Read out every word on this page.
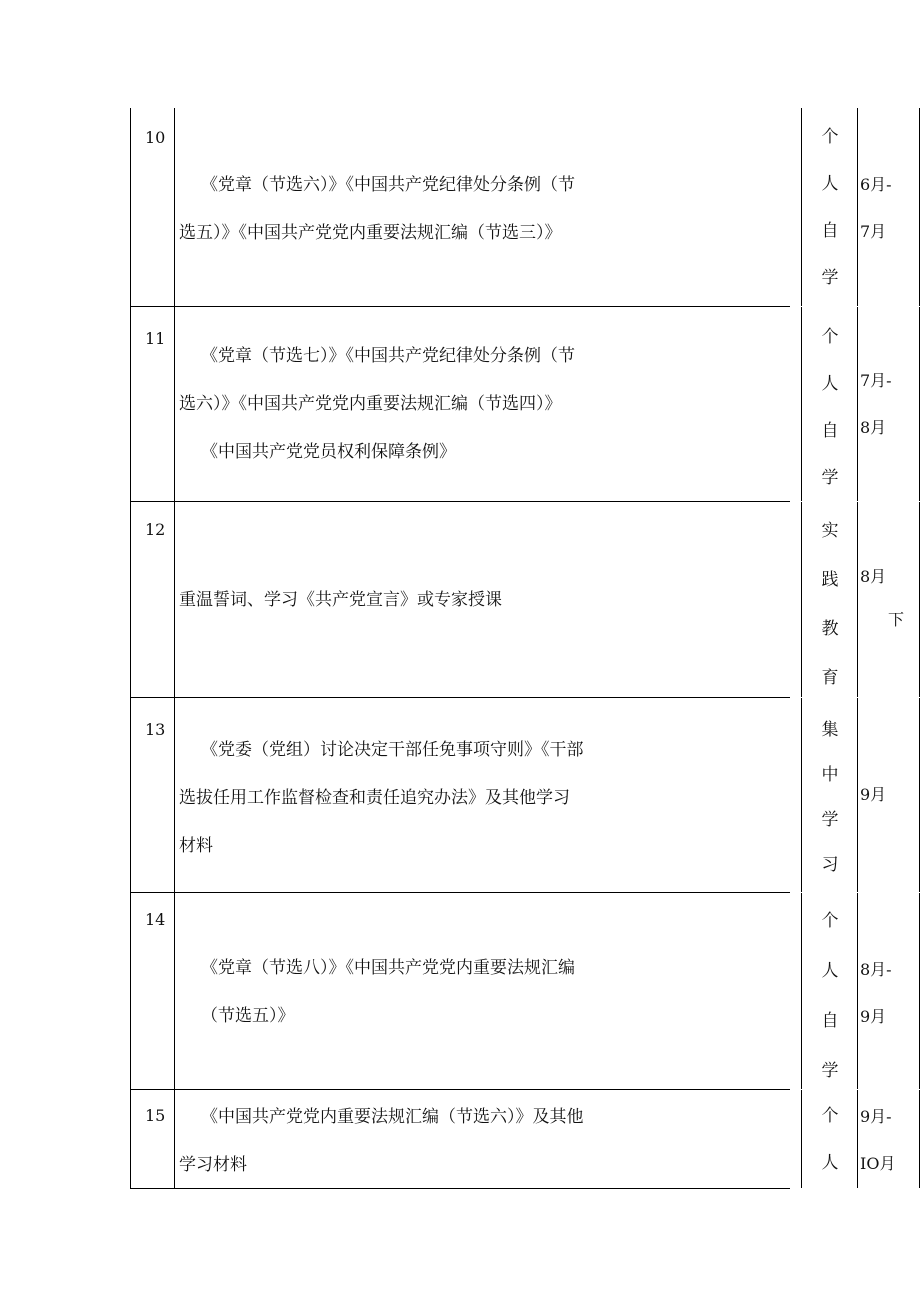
10
《党章（节选六）》《中国共产党纪律处分条例（节
选五）》《中国共产党党内重要法规汇编（节选三）》
个
人
自
学
6月-
7月
11
《党章（节选七）》《中国共产党纪律处分条例（节
选六）》《中国共产党党内重要法规汇编（节选四）》
《中国共产党党员权利保障条例》
个
人
自
学
7月-
8月
12
重温誓词、学习《共产党宣言》或专家授课
实
践
教
育
8月
下
13
《党委（党组）讨论决定干部任免事项守则》《干部
选拔任用工作监督检查和责任追究办法》及其他学习
材料
集
中
学
习
9月
14
《党章（节选八）》《中国共产党党内重要法规汇编
（节选五）》
个
人
自
学
8月-
9月
15	《中国共产党党内重要法规汇编（节选六）》及其他
学习材料
个
人
9月-
IO月
